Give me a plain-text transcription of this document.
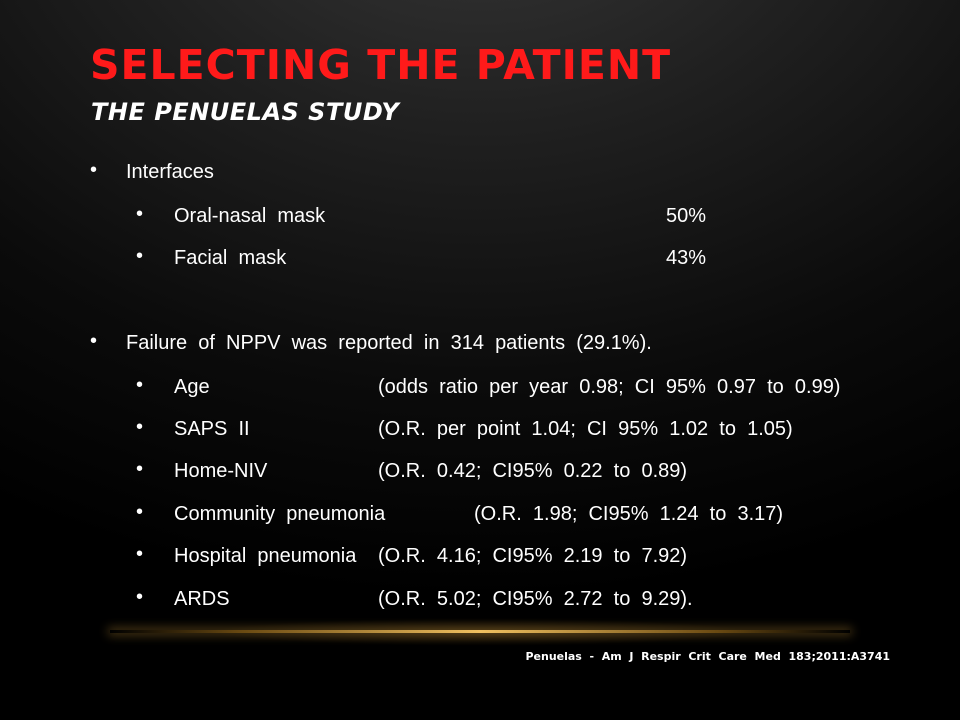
SELECTING THE PATIENT
THE PENUELAS STUDY
• Interfaces
• Oral-nasal  mask	50%
• Facial  mask	43%
• Failure  of  NPPV  was  reported  in  314  patients  (29.1%).
• Age	(odds  ratio  per  year  0.98;  CI  95%  0.97  to  0.99)
• SAPS  II	(O.R.  per  point  1.04;  CI  95%  1.02  to  1.05)
• Home-NIV	(O.R.  0.42;  CI95%  0.22  to  0.89)
• Community  pneumonia	(O.R.  1.98;  CI95%  1.24  to  3.17)
• Hospital  pneumonia (O.R.  4.16;  CI95%  2.19  to  7.92)
• ARDS	(O.R.  5.02;  CI95%  2.72  to  9.29).
Penuelas  -  Am  J  Respir  Crit  Care  Med  183;2011:A3741
